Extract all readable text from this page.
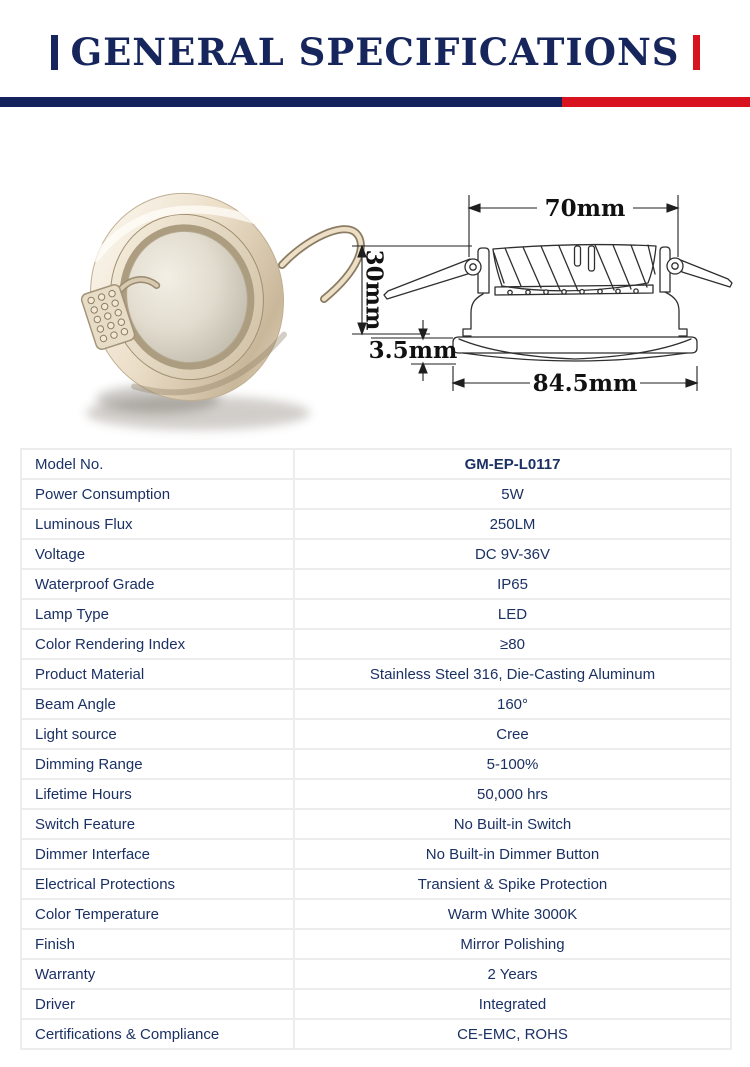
GENERAL SPECIFICATIONS
70mm
30mm
3.5mm
84.5mm
Model No.	GM-EP-L0117
Power Consumption	5W
Luminous Flux	250LM
Voltage	DC 9V-36V
Waterproof Grade	IP65
Lamp Type	LED
Color Rendering Index	≥80
Product Material	Stainless Steel 316, Die-Casting Aluminum
Beam Angle	160°
Light source	Cree
Dimming Range	5-100%
Lifetime Hours	50,000 hrs
Switch Feature	No Built-in Switch
Dimmer Interface	No Built-in Dimmer Button
Electrical Protections	Transient & Spike Protection
Color Temperature	Warm White 3000K
Finish	Mirror Polishing
Warranty	2 Years
Driver	Integrated
Certifications & Compliance	CE-EMC, ROHS
